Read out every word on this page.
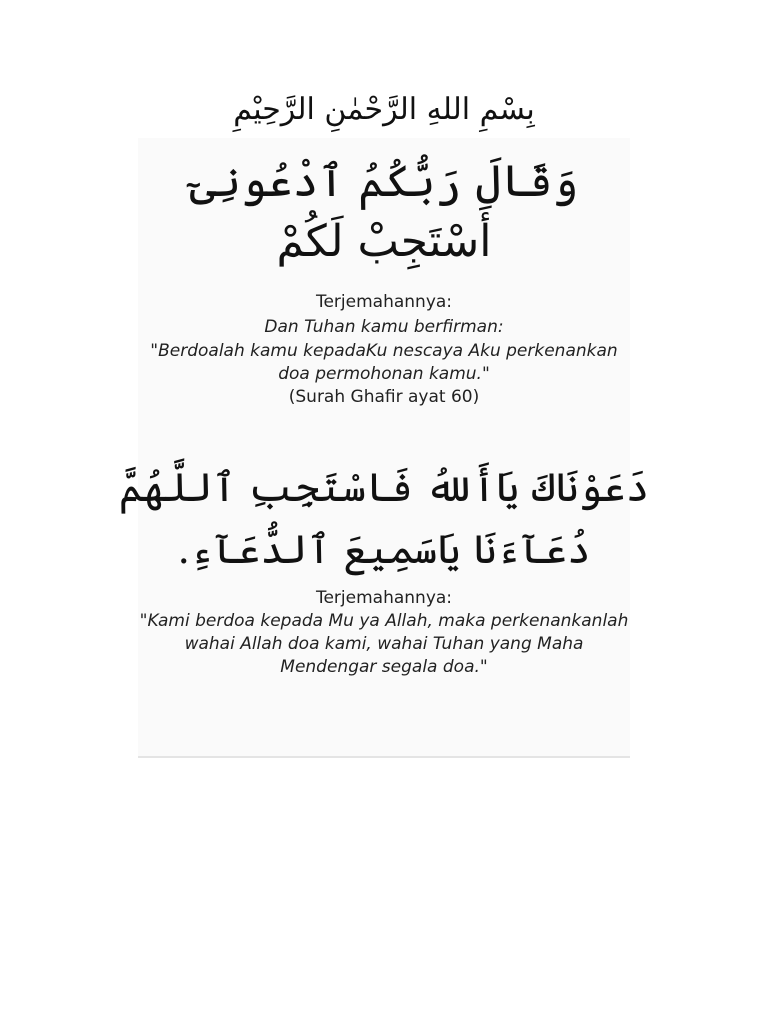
بِسْمِ اللهِ الرَّحْمٰنِ الرَّحِيْمِ
وَقَالَ رَبُّكُمُ ٱدْعُونِىٓ
أَسْتَجِبْ لَكُمْ
Terjemahannya:
Dan Tuhan kamu berfirman:
"Berdoalah kamu kepadaKu nescaya Aku perkenankan
doa permohonan kamu."
(Surah Ghafir ayat 60)
دَعَوْنَاكَ يَاأَللهُ فَاسْتَجِبِ ٱللَّهُمَّ
دُعَآءَنَا يَاسَمِيعَ ٱلدُّعَآءِ.
Terjemahannya:
"Kami berdoa kepada Mu ya Allah, maka perkenankanlah
wahai Allah doa kami, wahai Tuhan yang Maha
Mendengar segala doa."
